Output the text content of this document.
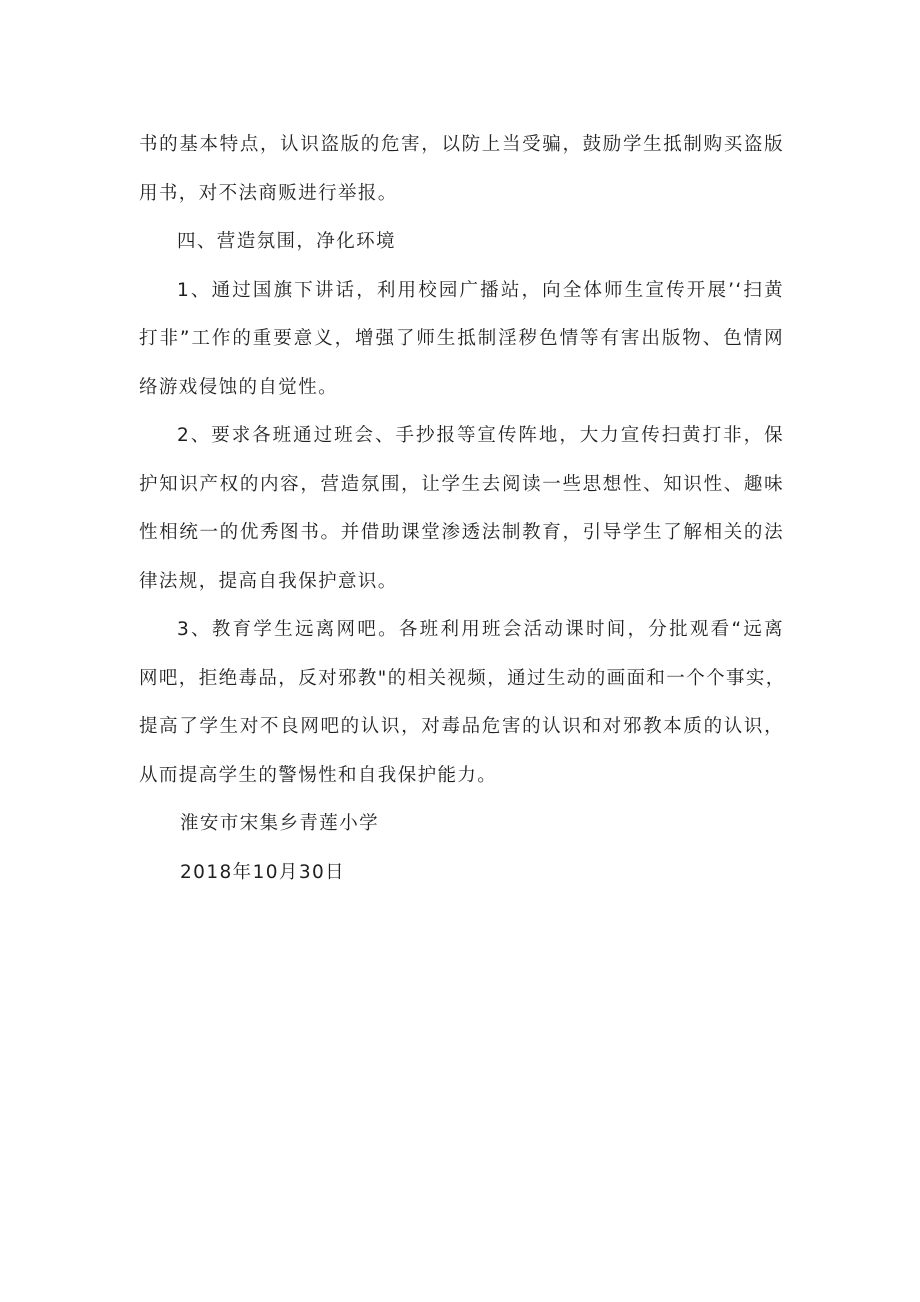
书的基本特点，认识盗版的危害，以防上当受骗，鼓励学生抵制购买盗版
用书，对不法商贩进行举报。

四、营造氛围，净化环境

1、通过国旗下讲话，利用校园广播站，向全体师生宣传开展’‘扫黄
打非”工作的重要意义，增强了师生抵制淫秽色情等有害出版物、色情网
络游戏侵蚀的自觉性。

2、要求各班通过班会、手抄报等宣传阵地，大力宣传扫黄打非，保
护知识产权的内容，营造氛围，让学生去阅读一些思想性、知识性、趣味
性相统一的优秀图书。并借助课堂渗透法制教育，引导学生了解相关的法
律法规，提高自我保护意识。

3、教育学生远离网吧。各班利用班会活动课时间，分批观看“远离
网吧，拒绝毒品，反对邪教"的相关视频，通过生动的画面和一个个事实，
提高了学生对不良网吧的认识，对毒品危害的认识和对邪教本质的认识，
从而提高学生的警惕性和自我保护能力。

淮安市宋集乡青莲小学

2018年10月30日
